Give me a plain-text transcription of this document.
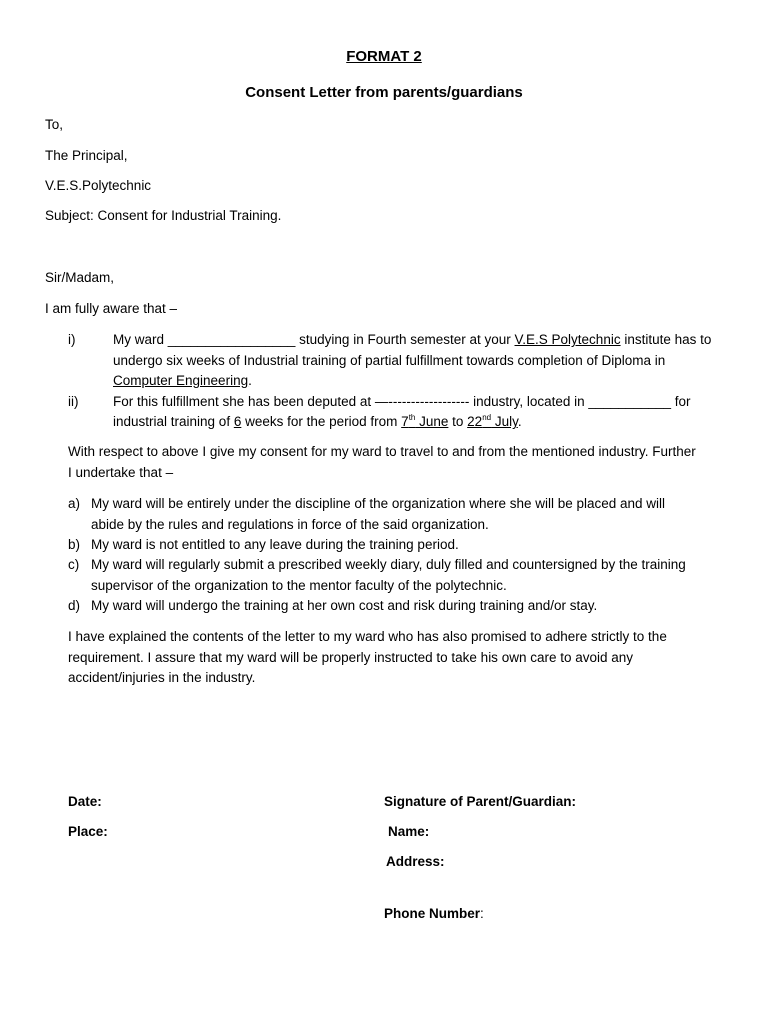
FORMAT 2
Consent Letter from parents/guardians
To,
The Principal,
V.E.S.Polytechnic
Subject: Consent for Industrial Training.
Sir/Madam,
I am fully aware that –
i)	My ward _________________ studying in Fourth semester at your V.E.S Polytechnic institute has to
undergo six weeks of Industrial training of partial fulfillment towards completion of Diploma in
Computer Engineering.
ii)	For this fulfillment she has been deputed at —------------------ industry, located in ___________ for
industrial training of 6 weeks for the period from 7th June to 22nd July.
With respect to above I give my consent for my ward to travel to and from the mentioned industry. Further
I undertake that –
a) My ward will be entirely under the discipline of the organization where she will be placed and will
abide by the rules and regulations in force of the said organization.
b) My ward is not entitled to any leave during the training period.
c) My ward will regularly submit a prescribed weekly diary, duly filled and countersigned by the training
supervisor of the organization to the mentor faculty of the polytechnic.
d) My ward will undergo the training at her own cost and risk during training and/or stay.
I have explained the contents of the letter to my ward who has also promised to adhere strictly to the
requirement. I assure that my ward will be properly instructed to take his own care to avoid any
accident/injuries in the industry.
Date:
Place:
Signature of Parent/Guardian:
Name:
Address:
Phone Number:
